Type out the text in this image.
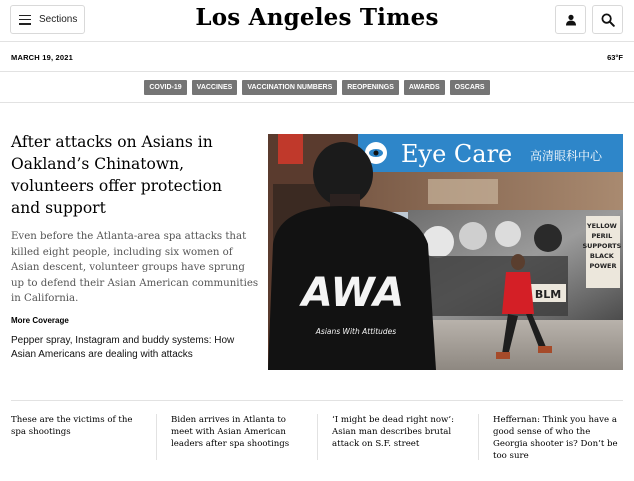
Sections	Los Angeles Times
MARCH 19, 2021	63°F
COVID-19	VACCINES	VACCINATION NUMBERS	REOPENINGS	AWARDS	OSCARS
After attacks on Asians in Oakland’s Chinatown, volunteers offer protection and support

Even before the Atlanta-area spa attacks that killed eight people, including six women of Asian descent, volunteer groups have sprung up to defend their Asian American communities in California.

More Coverage
Pepper spray, Instagram and buddy systems: How Asian Americans are dealing with attacks
Eye Care 高清眼科中心
YELLOW PERIL SUPPORTS BLACK POWER
BLM
AWA
Asians With Attitudes
These are the victims of the spa shootings
Biden arrives in Atlanta to meet with Asian American leaders after spa shootings
‘I might be dead right now’: Asian man describes brutal attack on S.F. street
Heffernan: Think you have a good sense of who the Georgia shooter is? Don’t be too sure
